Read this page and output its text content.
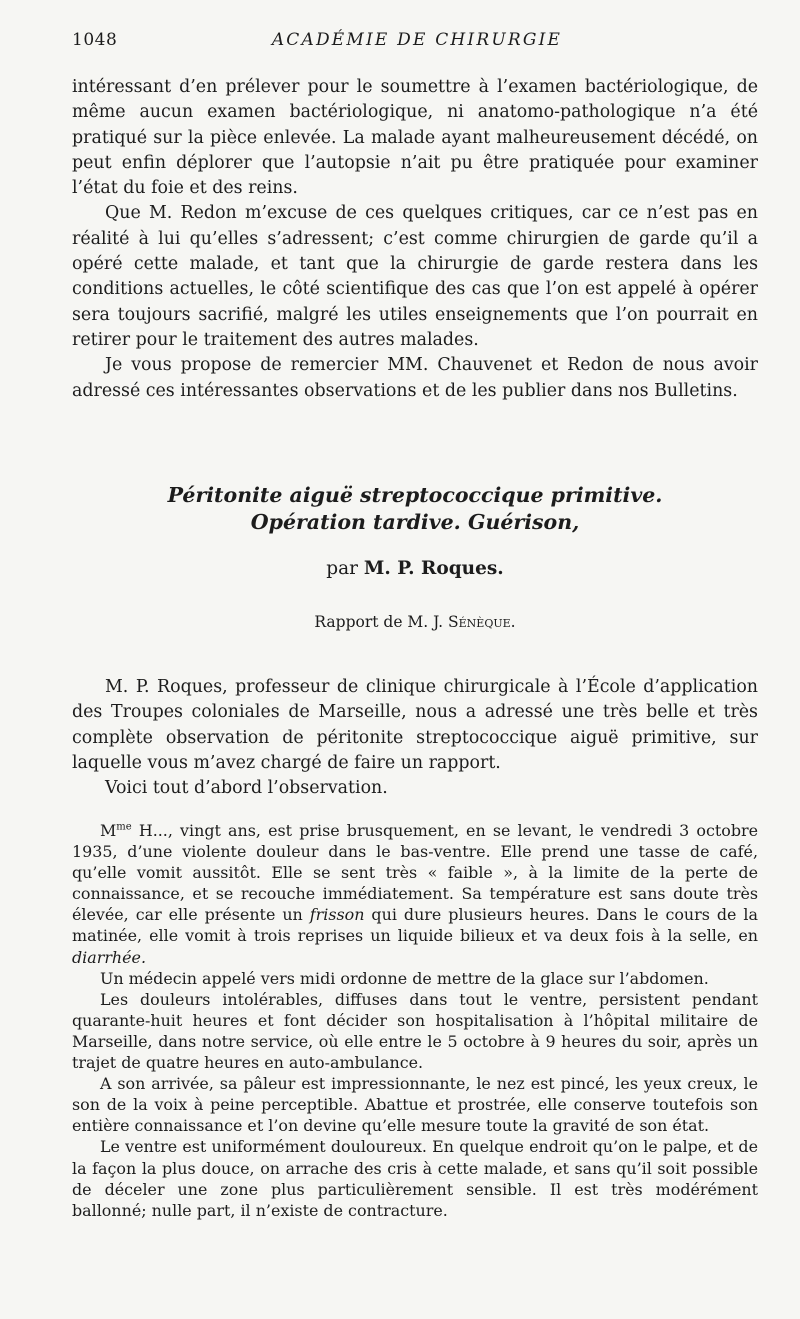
1048	ACADÉMIE DE CHIRURGIE

intéressant d’en prélever pour le soumettre à l’examen bactériologique, de même aucun examen bactériologique, ni anatomo-pathologique n’a été pratiqué sur la pièce enlevée. La malade ayant malheureusement décédé, on peut enfin déplorer que l’autopsie n’ait pu être pratiquée pour examiner l’état du foie et des reins.

Que M. Redon m’excuse de ces quelques critiques, car ce n’est pas en réalité à lui qu’elles s’adressent; c’est comme chirurgien de garde qu’il a opéré cette malade, et tant que la chirurgie de garde restera dans les conditions actuelles, le côté scientifique des cas que l’on est appelé à opérer sera toujours sacrifié, malgré les utiles enseignements que l’on pourrait en retirer pour le traitement des autres malades.

Je vous propose de remercier MM. Chauvenet et Redon de nous avoir adressé ces intéressantes observations et de les publier dans nos Bulletins.

Péritonite aiguë streptococcique primitive.
Opération tardive. Guérison,
par M. P. Roques.
Rapport de M. J. Sénèque.

M. P. Roques, professeur de clinique chirurgicale à l’École d’application des Troupes coloniales de Marseille, nous a adressé une très belle et très complète observation de péritonite streptococcique aiguë primitive, sur laquelle vous m’avez chargé de faire un rapport.

Voici tout d’abord l’observation.

$M^{me}$ H..., vingt ans, est prise brusquement, en se levant, le vendredi 3 octobre 1935, d’une violente douleur dans le bas-ventre. Elle prend une tasse de café, qu’elle vomit aussitôt. Elle se sent très « faible », à la limite de la perte de connaissance, et se recouche immédiatement. Sa température est sans doute très élevée, car elle présente un frisson qui dure plusieurs heures. Dans le cours de la matinée, elle vomit à trois reprises un liquide bilieux et va deux fois à la selle, en diarrhée.

Un médecin appelé vers midi ordonne de mettre de la glace sur l’abdomen.

Les douleurs intolérables, diffuses dans tout le ventre, persistent pendant quarante-huit heures et font décider son hospitalisation à l’hôpital militaire de Marseille, dans notre service, où elle entre le 5 octobre à 9 heures du soir, après un trajet de quatre heures en auto-ambulance.

A son arrivée, sa pâleur est impressionnante, le nez est pincé, les yeux creux, le son de la voix à peine perceptible. Abattue et prostrée, elle conserve toutefois son entière connaissance et l’on devine qu’elle mesure toute la gravité de son état.

Le ventre est uniformément douloureux. En quelque endroit qu’on le palpe, et de la façon la plus douce, on arrache des cris à cette malade, et sans qu’il soit possible de déceler une zone plus particulièrement sensible. Il est très modérément ballonné; nulle part, il n’existe de contracture.
